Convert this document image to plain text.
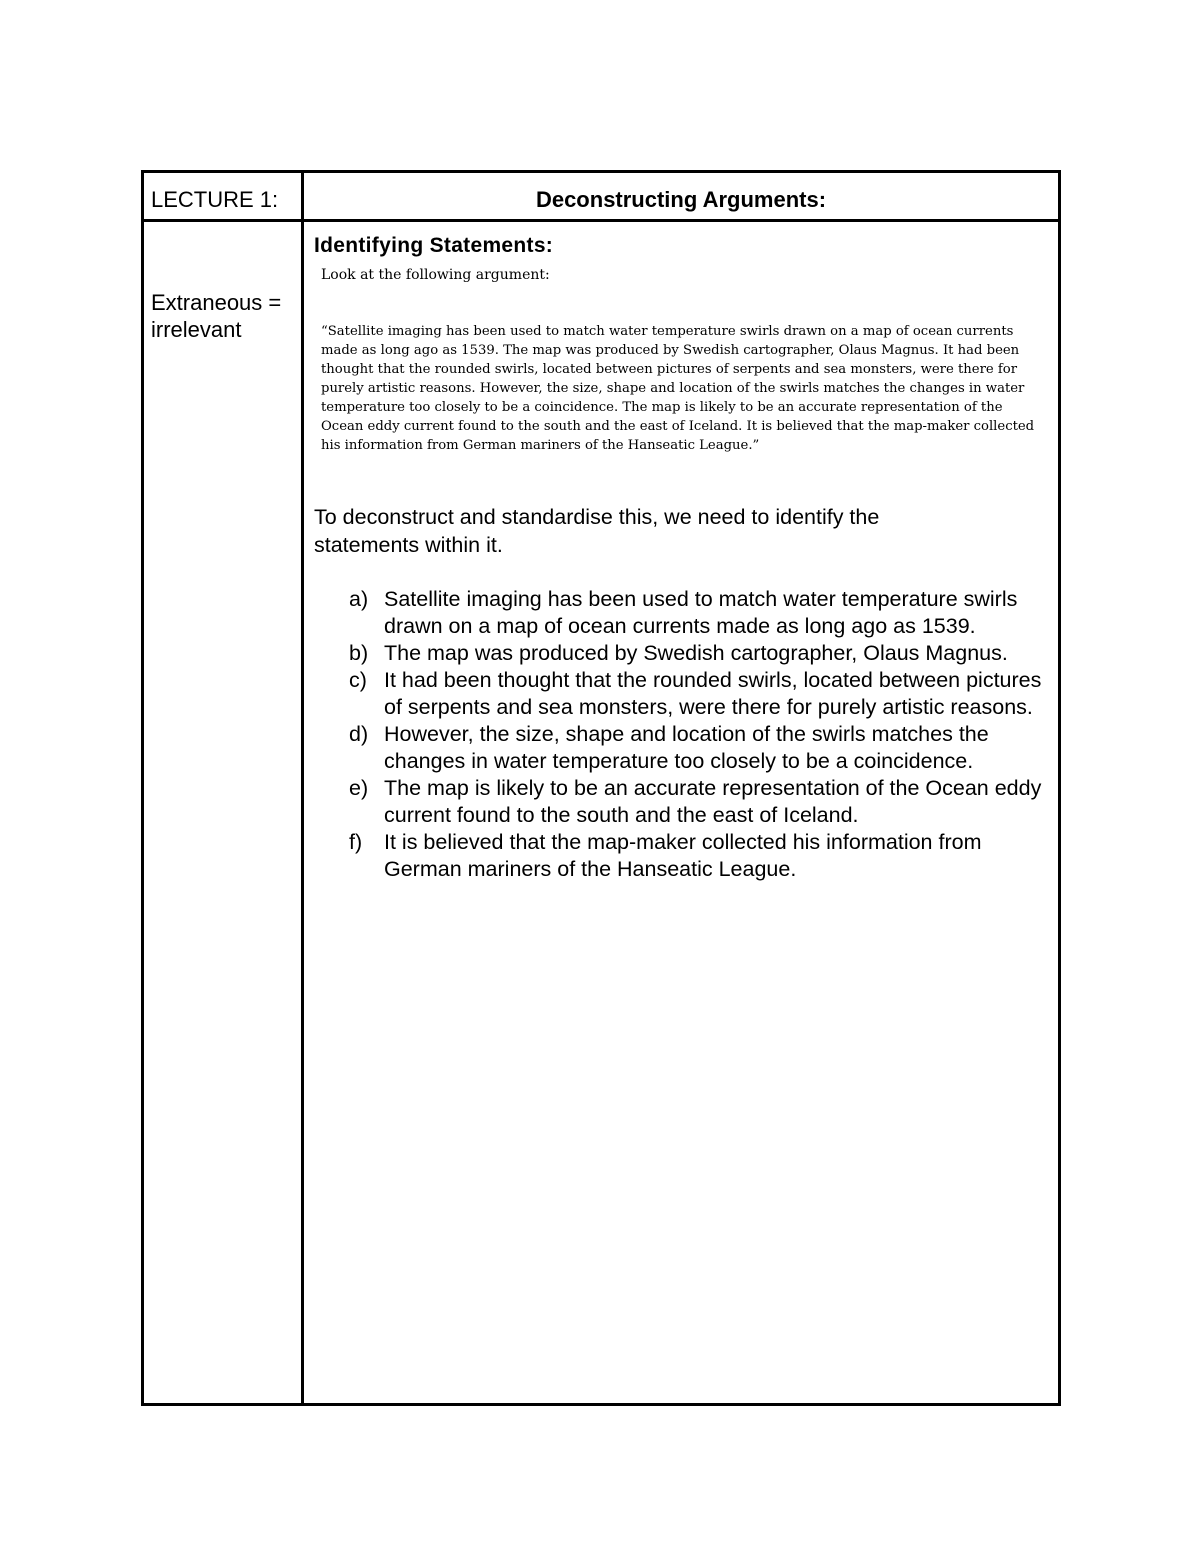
LECTURE 1:	Deconstructing Arguments:
Extraneous = irrelevant
Identifying Statements:

Look at the following argument:

“Satellite imaging has been used to match water temperature swirls drawn on a map of ocean currents made as long ago as 1539. The map was produced by Swedish cartographer, Olaus Magnus. It had been thought that the rounded swirls, located between pictures of serpents and sea monsters, were there for purely artistic reasons. However, the size, shape and location of the swirls matches the changes in water temperature too closely to be a coincidence. The map is likely to be an accurate representation of the Ocean eddy current found to the south and the east of Iceland. It is believed that the map-maker collected his information from German mariners of the Hanseatic League.”

To deconstruct and standardise this, we need to identify the statements within it.

a) Satellite imaging has been used to match water temperature swirls drawn on a map of ocean currents made as long ago as 1539.
b) The map was produced by Swedish cartographer, Olaus Magnus.
c) It had been thought that the rounded swirls, located between pictures of serpents and sea monsters, were there for purely artistic reasons.
d) However, the size, shape and location of the swirls matches the changes in water temperature too closely to be a coincidence.
e) The map is likely to be an accurate representation of the Ocean eddy current found to the south and the east of Iceland.
f) It is believed that the map-maker collected his information from German mariners of the Hanseatic League.
